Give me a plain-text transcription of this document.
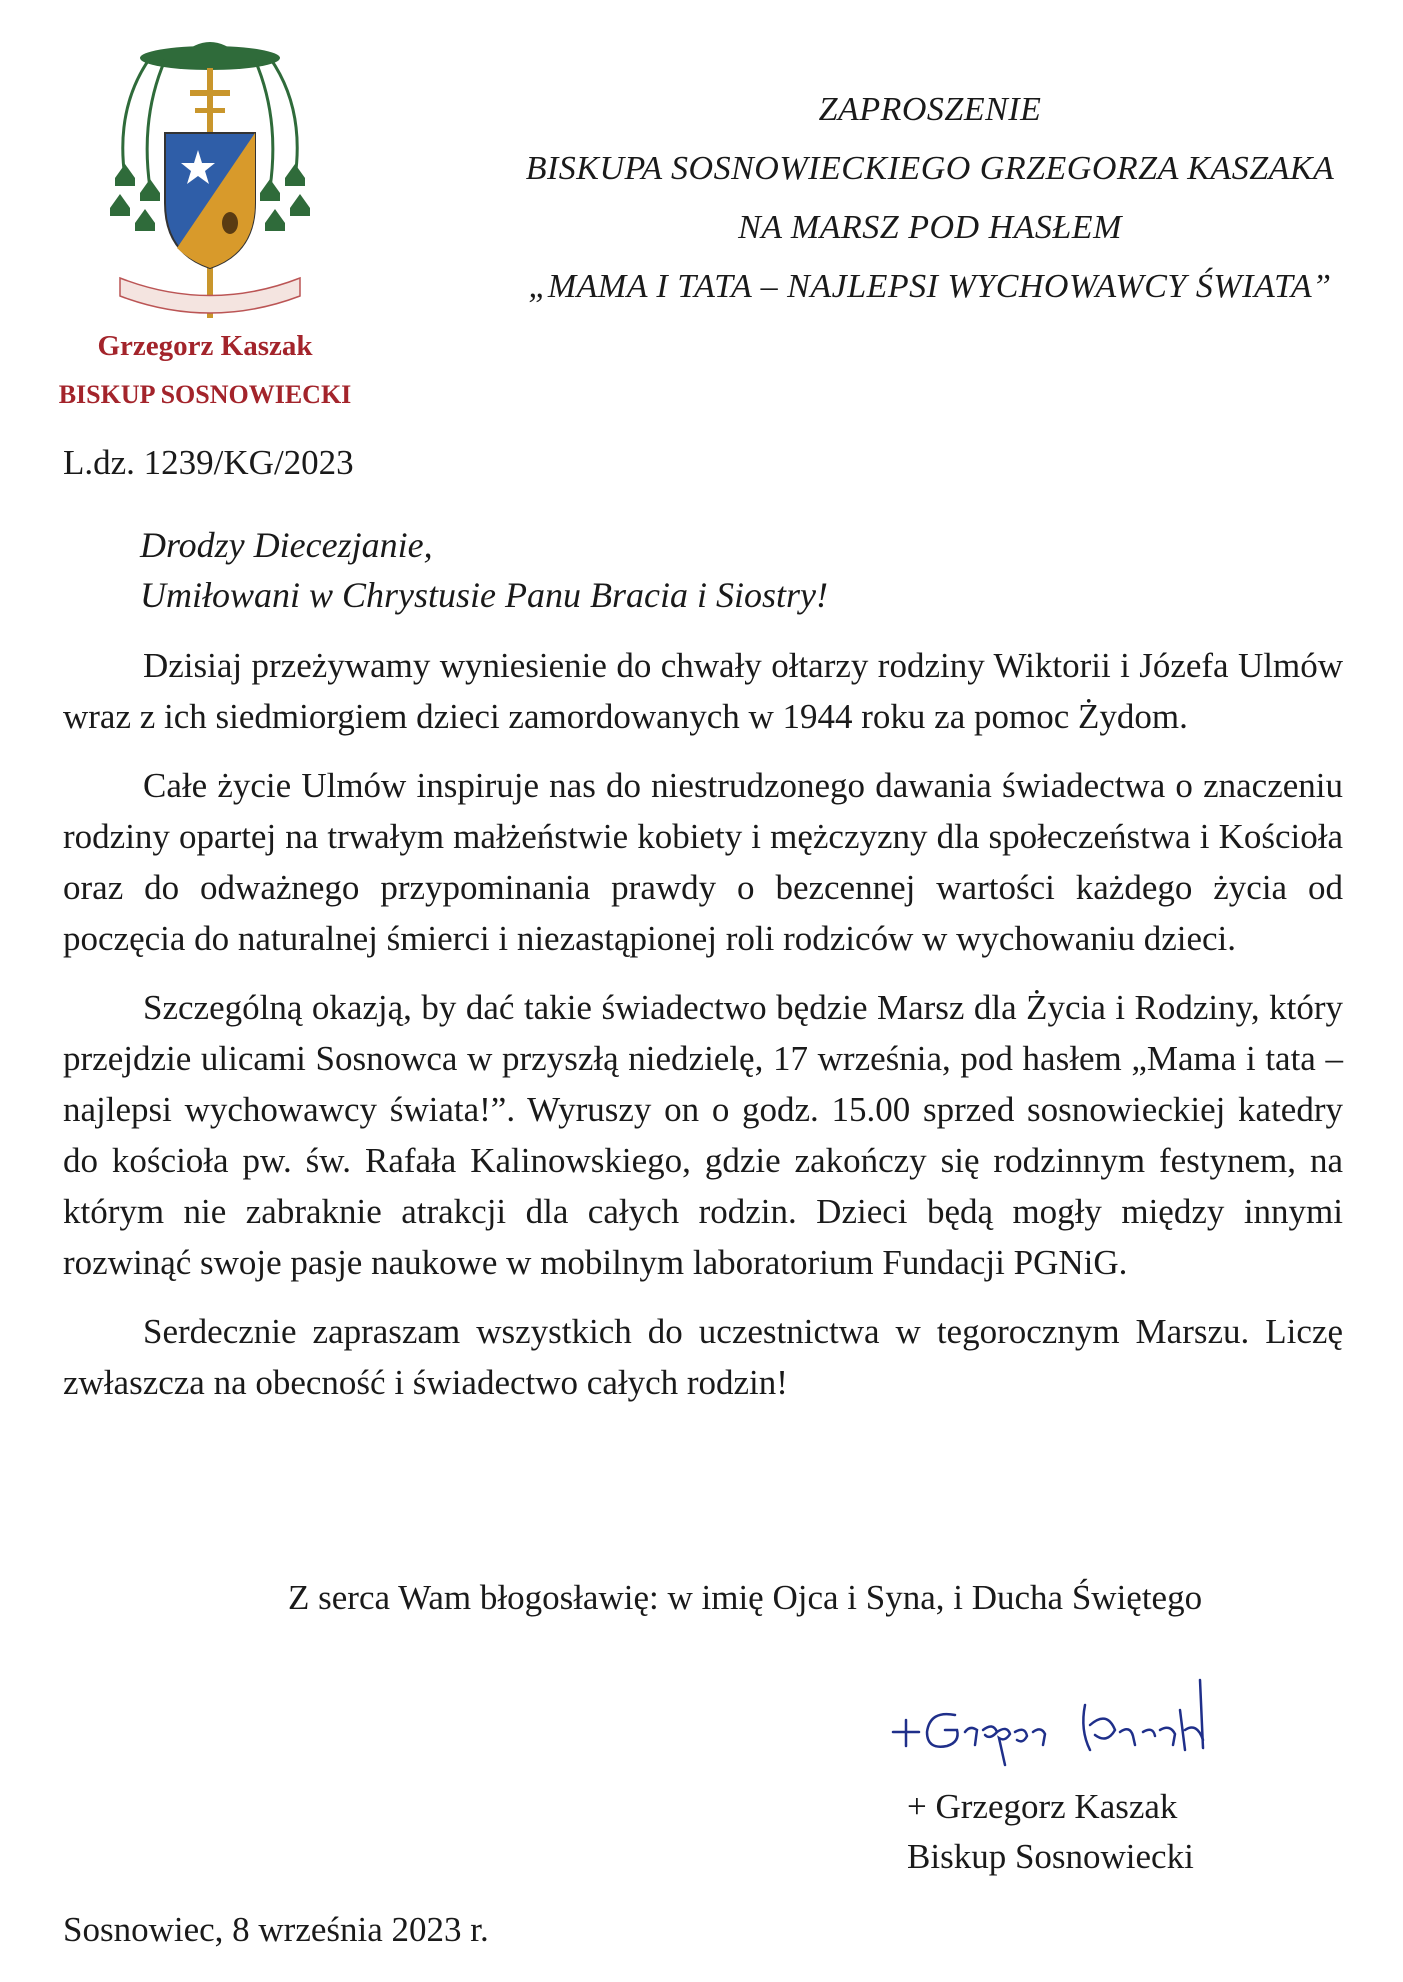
Grzegorz Kaszak
BISKUP SOSNOWIECKI
L.dz. 1239/KG/2023
ZAPROSZENIE
BISKUPA SOSNOWIECKIEGO GRZEGORZA KASZAKA
NA MARSZ POD HASŁEM
„MAMA I TATA – NAJLEPSI WYCHOWAWCY ŚWIATA”
Drodzy Diecezjanie,
Umiłowani w Chrystusie Panu Bracia i Siostry!

Dzisiaj przeżywamy wyniesienie do chwały ołtarzy rodziny Wiktorii i Józefa Ulmów wraz z ich siedmiorgiem dzieci zamordowanych w 1944 roku za pomoc Żydom.

Całe życie Ulmów inspiruje nas do niestrudzonego dawania świadectwa o znaczeniu rodziny opartej na trwałym małżeństwie kobiety i mężczyzny dla społeczeństwa i Kościoła oraz do odważnego przypominania prawdy o bezcennej wartości każdego życia od poczęcia do naturalnej śmierci i niezastąpionej roli rodziców w wychowaniu dzieci.

Szczególną okazją, by dać takie świadectwo będzie Marsz dla Życia i Rodziny, który przejdzie ulicami Sosnowca w przyszłą niedzielę, 17 września, pod hasłem „Mama i tata – najlepsi wychowawcy świata!”. Wyruszy on o godz. 15.00 sprzed sosnowieckiej katedry do kościoła pw. św. Rafała Kalinowskiego, gdzie zakończy się rodzinnym festynem, na którym nie zabraknie atrakcji dla całych rodzin. Dzieci będą mogły między innymi rozwinąć swoje pasje naukowe w mobilnym laboratorium Fundacji PGNiG.

Serdecznie zapraszam wszystkich do uczestnictwa w tegorocznym Marszu. Liczę zwłaszcza na obecność i świadectwo całych rodzin!

Z serca Wam błogosławię: w imię Ojca i Syna, i Ducha Świętego
+ Grzegorz Kaszak
Biskup Sosnowiecki
Sosnowiec, 8 września 2023 r.
